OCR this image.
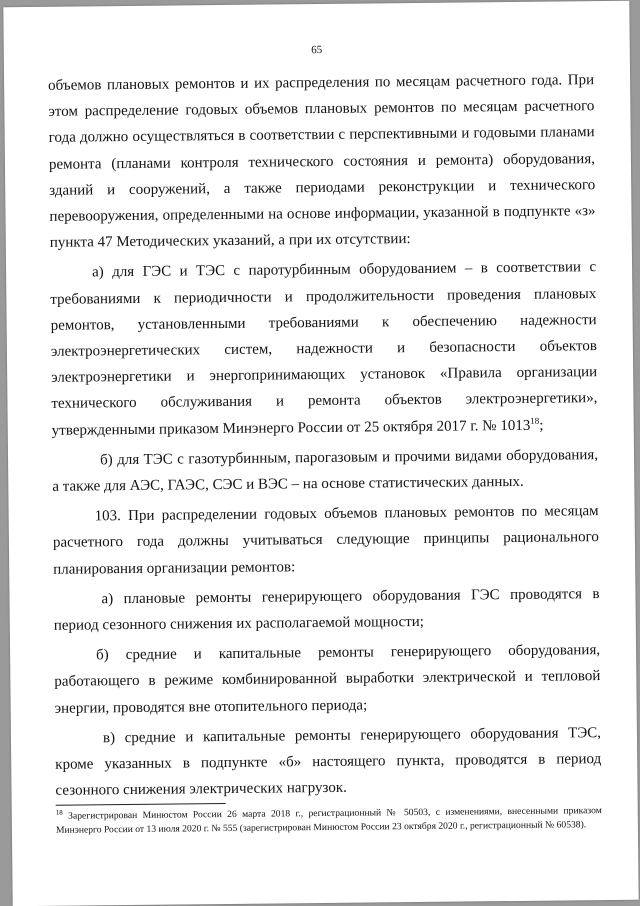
65

объемов плановых ремонтов и их распределения по месяцам расчетного года. При этом распределение годовых объемов плановых ремонтов по месяцам расчетного года должно осуществляться в соответствии с перспективными и годовыми планами ремонта (планами контроля технического состояния и ремонта) оборудования, зданий и сооружений, а также периодами реконструкции и технического перевооружения, определенными на основе информации, указанной в подпункте «з» пункта 47 Методических указаний, а при их отсутствии:

а) для ГЭС и ТЭС с паротурбинным оборудованием – в соответствии с требованиями к периодичности и продолжительности проведения плановых ремонтов, установленными требованиями к обеспечению надежности электроэнергетических систем, надежности и безопасности объектов электроэнергетики и энергопринимающих установок «Правила организации технического обслуживания и ремонта объектов электроэнергетики», утвержденными приказом Минэнерго России от 25 октября 2017 г. № 1013$^{18}$;

б) для ТЭС с газотурбинным, парогазовым и прочими видами оборудования, а также для АЭС, ГАЭС, СЭС и ВЭС – на основе статистических данных.

103. При распределении годовых объемов плановых ремонтов по месяцам расчетного года должны учитываться следующие принципы рационального планирования организации ремонтов:

а) плановые ремонты генерирующего оборудования ГЭС проводятся в период сезонного снижения их располагаемой мощности;

б) средние и капитальные ремонты генерирующего оборудования, работающего в режиме комбинированной выработки электрической и тепловой энергии, проводятся вне отопительного периода;

в) средние и капитальные ремонты генерирующего оборудования ТЭС, кроме указанных в подпункте «б» настоящего пункта, проводятся в период сезонного снижения электрических нагрузок.

$^{18}$ Зарегистрирован Минюстом России 26 марта 2018 г., регистрационный № 50503, с изменениями, внесенными приказом Минэнерго России от 13 июля 2020 г. № 555 (зарегистрирован Минюстом России 23 октября 2020 г., регистрационный № 60538).
